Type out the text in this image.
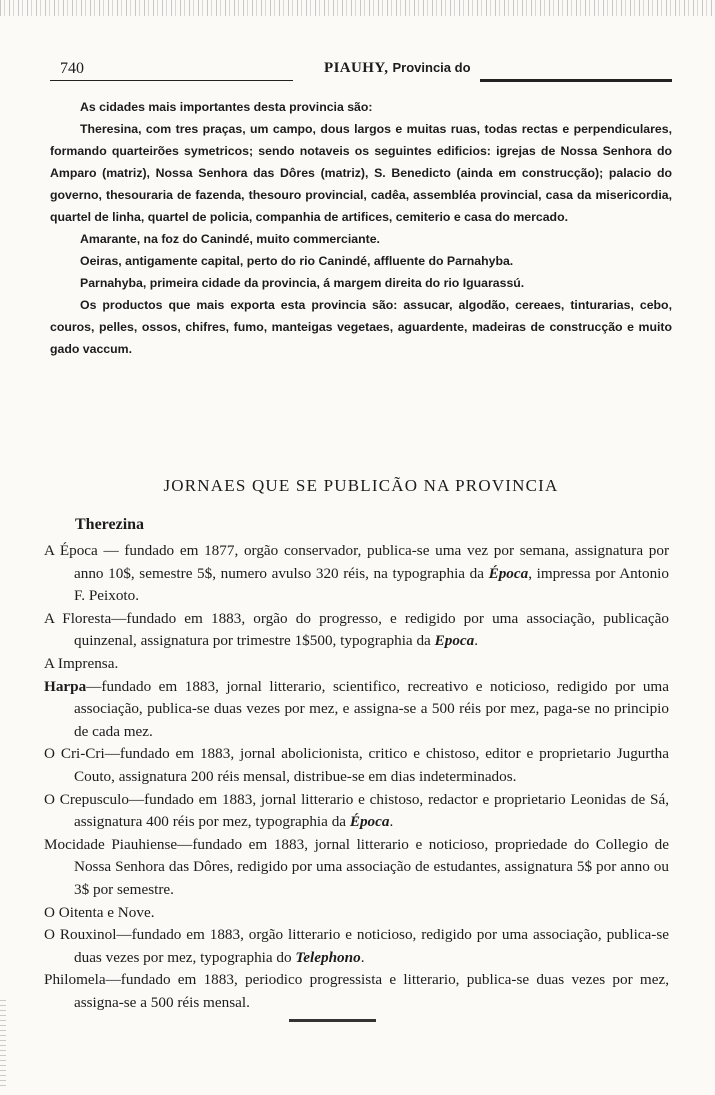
740	PIAUHY, Provincia do

As cidades mais importantes desta provincia são:

Theresina, com tres praças, um campo, dous largos e muitas ruas, todas rectas e perpendiculares, formando quarteirões symetricos; sendo notaveis os seguintes edificios: igrejas de Nossa Senhora do Amparo (matriz), Nossa Senhora das Dôres (matriz), S. Benedicto (ainda em construcção); palacio do governo, thesouraria de fazenda, thesouro provincial, cadêa, assembléa provincial, casa da misericordia, quartel de linha, quartel de policia, companhia de artifices, cemiterio e casa do mercado.

Amarante, na foz do Canindé, muito commerciante.

Oeiras, antigamente capital, perto do rio Canindé, affluente do Parnahyba.

Parnahyba, primeira cidade da provincia, á margem direita do rio Iguarassú.

Os productos que mais exporta esta provincia são: assucar, algodão, cereaes, tinturarias, cebo, couros, pelles, ossos, chifres, fumo, manteigas vegetaes, aguardente, madeiras de construcção e muito gado vaccum.

JORNAES QUE SE PUBLICÃO NA PROVINCIA
Therezina

A Época — fundado em 1877, orgão conservador, publica-se uma vez por semana, assignatura por anno 10$, semestre 5$, numero avulso 320 réis, na typographia da Época, impressa por Antonio F. Peixoto.

A Floresta—fundado em 1883, orgão do progresso, e redigido por uma associação, publicação quinzenal, assignatura por trimestre 1$500, typographia da Epoca.

A Imprensa.

Harpa—fundado em 1883, jornal litterario, scientifico, recreativo e noticioso, redigido por uma associação, publica-se duas vezes por mez, e assigna-se a 500 réis por mez, paga-se no principio de cada mez.

O Cri-Cri—fundado em 1883, jornal abolicionista, critico e chistoso, editor e proprietario Jugurtha Couto, assignatura 200 réis mensal, distribue-se em dias indeterminados.

O Crepusculo—fundado em 1883, jornal litterario e chistoso, redactor e proprietario Leonidas de Sá, assignatura 400 réis por mez, typographia da Época.

Mocidade Piauhiense—fundado em 1883, jornal litterario e noticioso, propriedade do Collegio de Nossa Senhora das Dôres, redigido por uma associação de estudantes, assignatura 5$ por anno ou 3$ por semestre.

O Oitenta e Nove.

O Rouxinol—fundado em 1883, orgão litterario e noticioso, redigido por uma associação, publica-se duas vezes por mez, typographia do Telephono.

Philomela—fundado em 1883, periodico progressista e litterario, publica-se duas vezes por mez, assigna-se a 500 réis mensal.
